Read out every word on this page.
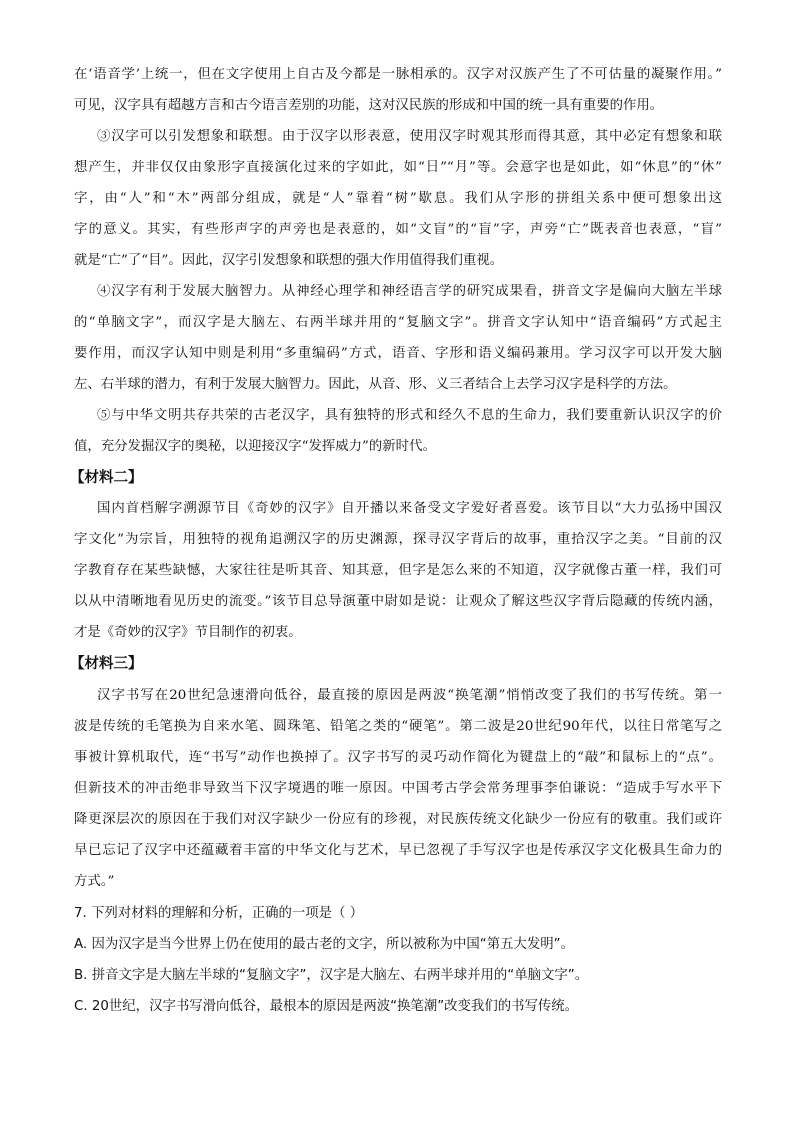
在‘语音学’上统一，但在文字使用上自古及今都是一脉相承的。汉字对汉族产生了不可估量的凝聚作用。”
可见，汉字具有超越方言和古今语言差别的功能，这对汉民族的形成和中国的统一具有重要的作用。
③汉字可以引发想象和联想。由于汉字以形表意，使用汉字时观其形而得其意，其中必定有想象和联
想产生，并非仅仅由象形字直接演化过来的字如此，如“日”“月”等。会意字也是如此，如“休息”的“休”
字，由“人”和“木”两部分组成，就是“人”靠着“树”歇息。我们从字形的拼组关系中便可想象出这
字的意义。其实，有些形声字的声旁也是表意的，如“文盲”的“盲”字，声旁“亡”既表音也表意，“盲”
就是“亡”了“目”。因此，汉字引发想象和联想的强大作用值得我们重视。
④汉字有利于发展大脑智力。从神经心理学和神经语言学的研究成果看，拼音文字是偏向大脑左半球
的“单脑文字”，而汉字是大脑左、右两半球并用的“复脑文字”。拼音文字认知中“语音编码”方式起主
要作用，而汉字认知中则是利用“多重编码”方式，语音、字形和语义编码兼用。学习汉字可以开发大脑
左、右半球的潜力，有利于发展大脑智力。因此，从音、形、义三者结合上去学习汉字是科学的方法。
⑤与中华文明共存共荣的古老汉字，具有独特的形式和经久不息的生命力，我们要重新认识汉字的价
值，充分发掘汉字的奥秘，以迎接汉字“发挥威力”的新时代。
【材料二】
国内首档解字溯源节目《奇妙的汉字》自开播以来备受文字爱好者喜爱。该节目以“大力弘扬中国汉
字文化”为宗旨，用独特的视角追溯汉字的历史渊源，探寻汉字背后的故事，重拾汉字之美。“目前的汉
字教育存在某些缺憾，大家往往是听其音、知其意，但字是怎么来的不知道，汉字就像古董一样，我们可
以从中清晰地看见历史的流变。”该节目总导演董中尉如是说：让观众了解这些汉字背后隐藏的传统内涵，
才是《奇妙的汉字》节目制作的初衷。
【材料三】
汉字书写在20世纪急速滑向低谷，最直接的原因是两波“换笔潮”悄悄改变了我们的书写传统。第一
波是传统的毛笔换为自来水笔、圆珠笔、铅笔之类的“硬笔”。第二波是20世纪90年代，以往日常笔写之
事被计算机取代，连“书写”动作也换掉了。汉字书写的灵巧动作简化为键盘上的“敲”和鼠标上的“点”。
但新技术的冲击绝非导致当下汉字境遇的唯一原因。中国考古学会常务理事李伯谦说：“造成手写水平下
降更深层次的原因在于我们对汉字缺少一份应有的珍视，对民族传统文化缺少一份应有的敬重。我们或许
早已忘记了汉字中还蕴藏着丰富的中华文化与艺术，早已忽视了手写汉字也是传承汉字文化极具生命力的
方式。”
7. 下列对材料的理解和分析，正确的一项是（ ）
A. 因为汉字是当今世界上仍在使用的最古老的文字，所以被称为中国“第五大发明”。
B. 拼音文字是大脑左半球的“复脑文字”，汉字是大脑左、右两半球并用的“单脑文字”。
C. 20世纪，汉字书写滑向低谷，最根本的原因是两波“换笔潮”改变我们的书写传统。
